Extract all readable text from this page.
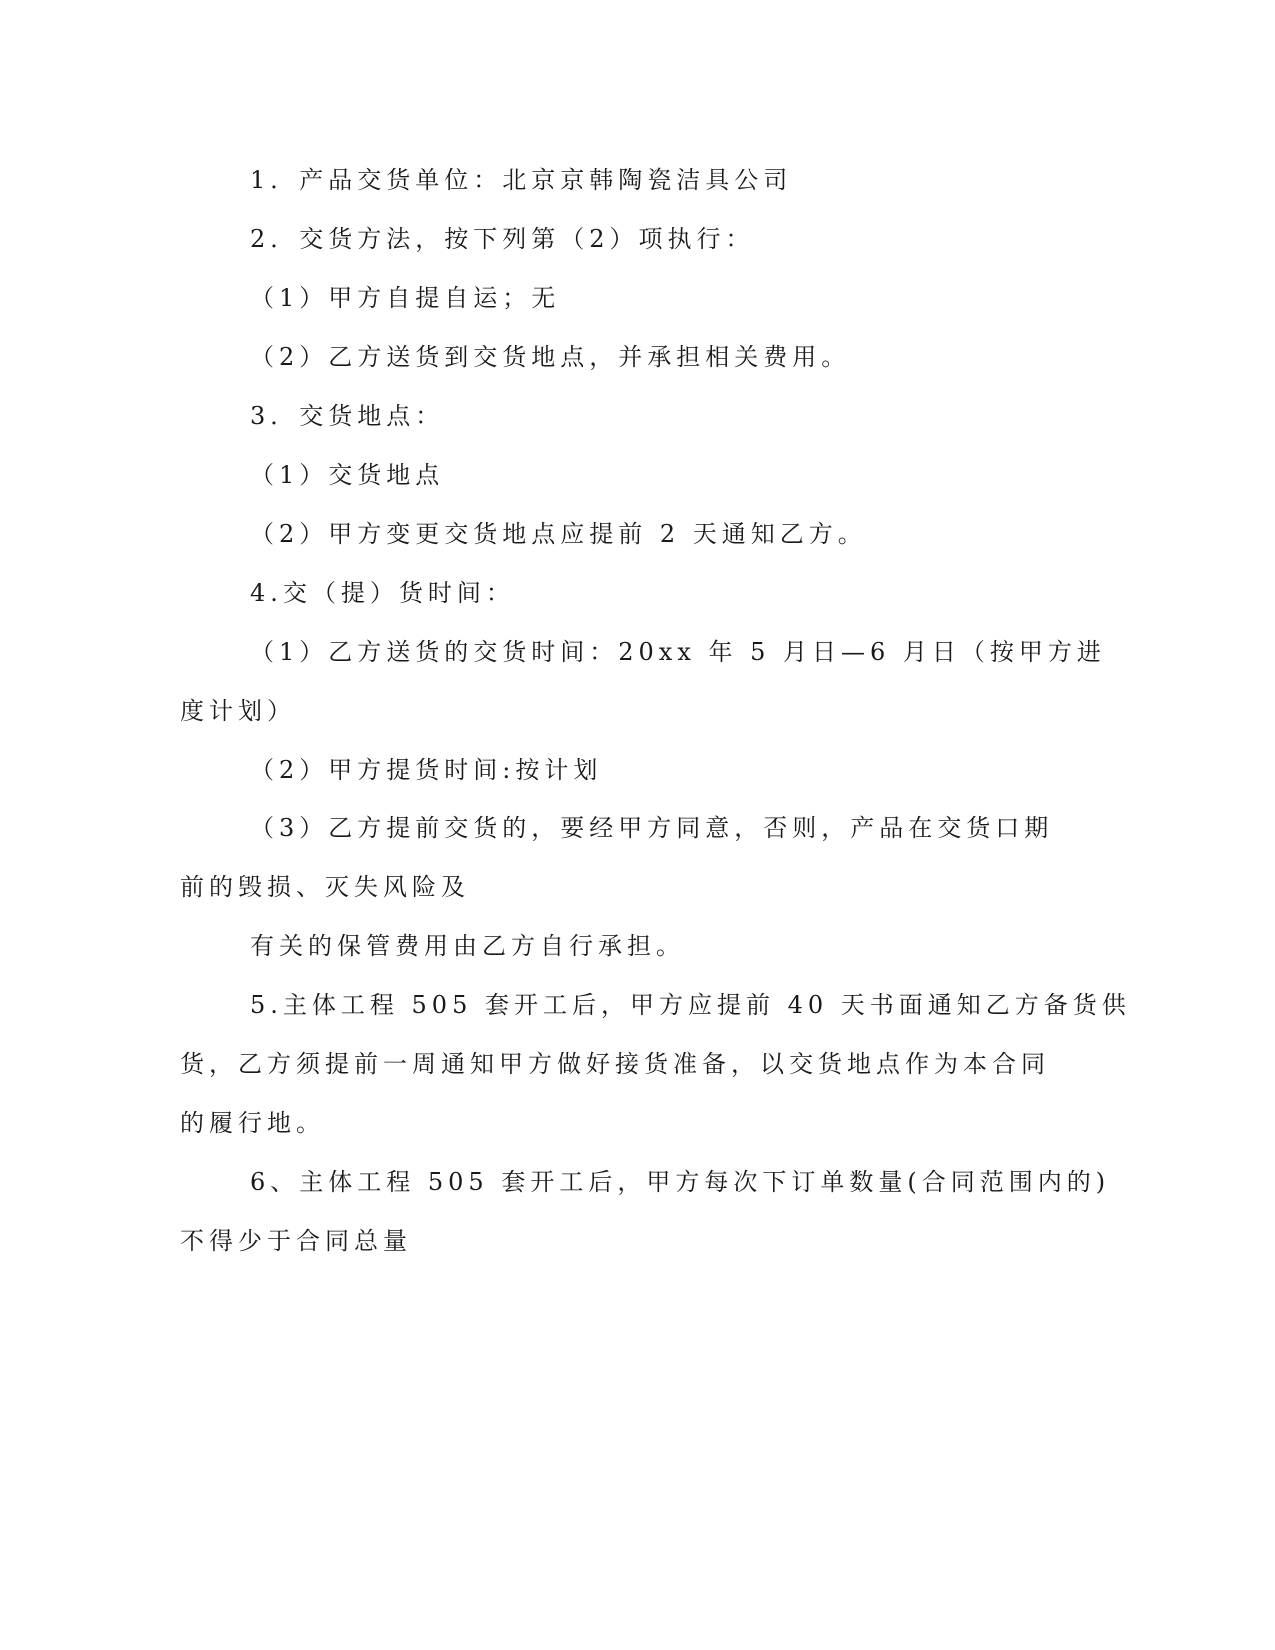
1．产品交货单位：北京京韩陶瓷洁具公司
2．交货方法，按下列第（2）项执行：
（1）甲方自提自运；无
（2）乙方送货到交货地点，并承担相关费用。
3．交货地点：
（1）交货地点
（2）甲方变更交货地点应提前 2 天通知乙方。
4.交（提）货时间：
（1）乙方送货的交货时间：20xx 年 5 月日—6 月日（按甲方进
度计划）
（2）甲方提货时间:按计划
（3）乙方提前交货的，要经甲方同意，否则，产品在交货口期
前的毁损、灭失风险及
有关的保管费用由乙方自行承担。
5.主体工程 505 套开工后，甲方应提前 40 天书面通知乙方备货供
货，乙方须提前一周通知甲方做好接货准备，以交货地点作为本合同
的履行地。
6、主体工程 505 套开工后，甲方每次下订单数量(合同范围内的)
不得少于合同总量
